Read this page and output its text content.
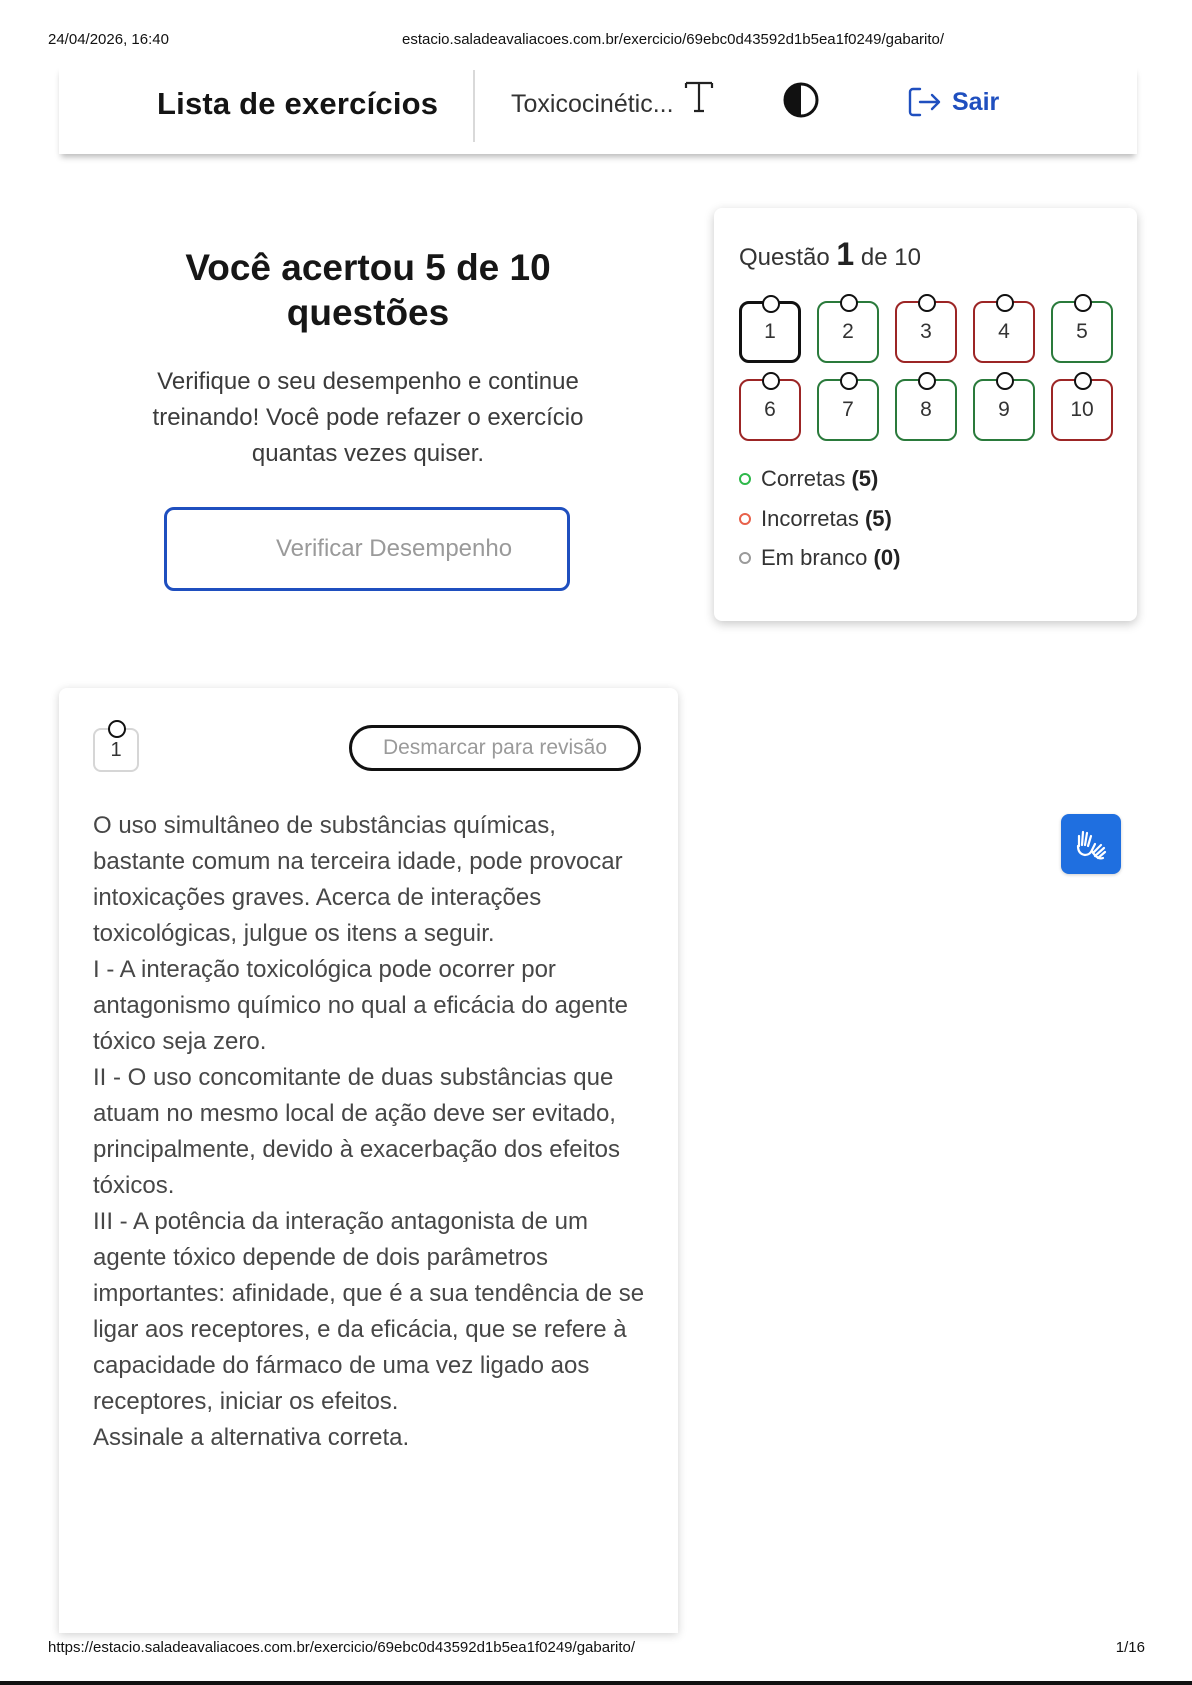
24/04/2026, 16:40	estacio.saladeavaliacoes.com.br/exercicio/69ebc0d43592d1b5ea1f0249/gabarito/
Lista de exercícios	Toxicocinétic...	Sair
Você acertou 5 de 10 questões
Verifique o seu desempenho e continue treinando! Você pode refazer o exercício quantas vezes quiser.
Verificar Desempenho
Questão 1 de 10
1	2	3	4	5
6	7	8	9	10
Corretas (5)
Incorretas (5)
Em branco (0)
1	Desmarcar para revisão

O uso simultâneo de substâncias químicas, bastante comum na terceira idade, pode provocar intoxicações graves. Acerca de interações toxicológicas, julgue os itens a seguir.

I - A interação toxicológica pode ocorrer por antagonismo químico no qual a eficácia do agente tóxico seja zero.

II - O uso concomitante de duas substâncias que atuam no mesmo local de ação deve ser evitado, principalmente, devido à exacerbação dos efeitos tóxicos.

III - A potência da interação antagonista de um agente tóxico depende de dois parâmetros importantes: afinidade, que é a sua tendência de se ligar aos receptores, e da eficácia, que se refere à capacidade do fármaco de uma vez ligado aos receptores, iniciar os efeitos.

Assinale a alternativa correta.

https://estacio.saladeavaliacoes.com.br/exercicio/69ebc0d43592d1b5ea1f0249/gabarito/	1/16
